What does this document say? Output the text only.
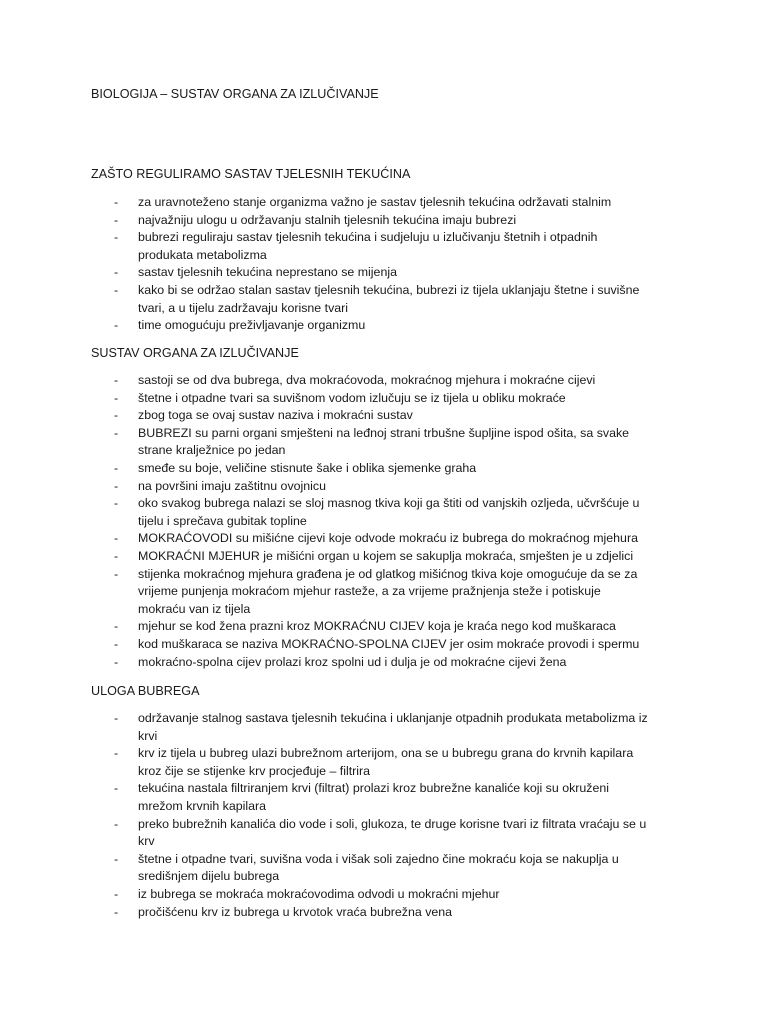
BIOLOGIJA – SUSTAV ORGANA ZA IZLUČIVANJE
ZAŠTO REGULIRAMO SASTAV TJELESNIH TEKUĆINA
- za uravnoteženo stanje organizma važno je sastav tjelesnih tekućina održavati stalnim
- najvažniju ulogu u održavanju stalnih tjelesnih tekućina imaju bubrezi
- bubrezi reguliraju sastav tjelesnih tekućina i sudjeluju u izlučivanju štetnih i otpadnih
produkata metabolizma
- sastav tjelesnih tekućina neprestano se mijenja
- kako bi se održao stalan sastav tjelesnih tekućina, bubrezi iz tijela uklanjaju štetne i suvišne
tvari, a u tijelu zadržavaju korisne tvari
- time omogućuju preživljavanje organizmu
SUSTAV ORGANA ZA IZLUČIVANJE
- sastoji se od dva bubrega, dva mokraćovoda, mokraćnog mjehura i mokraćne cijevi
- štetne i otpadne tvari sa suvišnom vodom izlučuju se iz tijela u obliku mokraće
- zbog toga se ovaj sustav naziva i mokraćni sustav
- BUBREZI su parni organi smješteni na leđnoj strani trbušne šupljine ispod ošita, sa svake
strane kralježnice po jedan
- smeđe su boje, veličine stisnute šake i oblika sjemenke graha
- na površini imaju zaštitnu ovojnicu
- oko svakog bubrega nalazi se sloj masnog tkiva koji ga štiti od vanjskih ozljeda, učvršćuje u
tijelu i sprečava gubitak topline
- MOKRAĆOVODI su mišićne cijevi koje odvode mokraću iz bubrega do mokraćnog mjehura
- MOKRAĆNI MJEHUR je mišićni organ u kojem se sakuplja mokraća, smješten je u zdjelici
- stijenka mokraćnog mjehura građena je od glatkog mišićnog tkiva koje omogućuje da se za
vrijeme punjenja mokraćom mjehur rasteže, a za vrijeme pražnjenja steže i potiskuje
mokraću van iz tijela
- mjehur se kod žena prazni kroz MOKRAĆNU CIJEV koja je kraća nego kod muškaraca
- kod muškaraca se naziva MOKRAĆNO-SPOLNA CIJEV jer osim mokraće provodi i spermu
- mokraćno-spolna cijev prolazi kroz spolni ud i dulja je od mokraćne cijevi žena
ULOGA BUBREGA
- održavanje stalnog sastava tjelesnih tekućina i uklanjanje otpadnih produkata metabolizma iz
krvi
- krv iz tijela u bubreg ulazi bubrežnom arterijom, ona se u bubregu grana do krvnih kapilara
kroz čije se stijenke krv procjeđuje – filtrira
- tekućina nastala filtriranjem krvi (filtrat) prolazi kroz bubrežne kanaliće koji su okruženi
mrežom krvnih kapilara
- preko bubrežnih kanalića dio vode i soli, glukoza, te druge korisne tvari iz filtrata vraćaju se u
krv
- štetne i otpadne tvari, suvišna voda i višak soli zajedno čine mokraću koja se nakuplja u
središnjem dijelu bubrega
- iz bubrega se mokraća mokraćovodima odvodi u mokraćni mjehur
- pročišćenu krv iz bubrega u krvotok vraća bubrežna vena
